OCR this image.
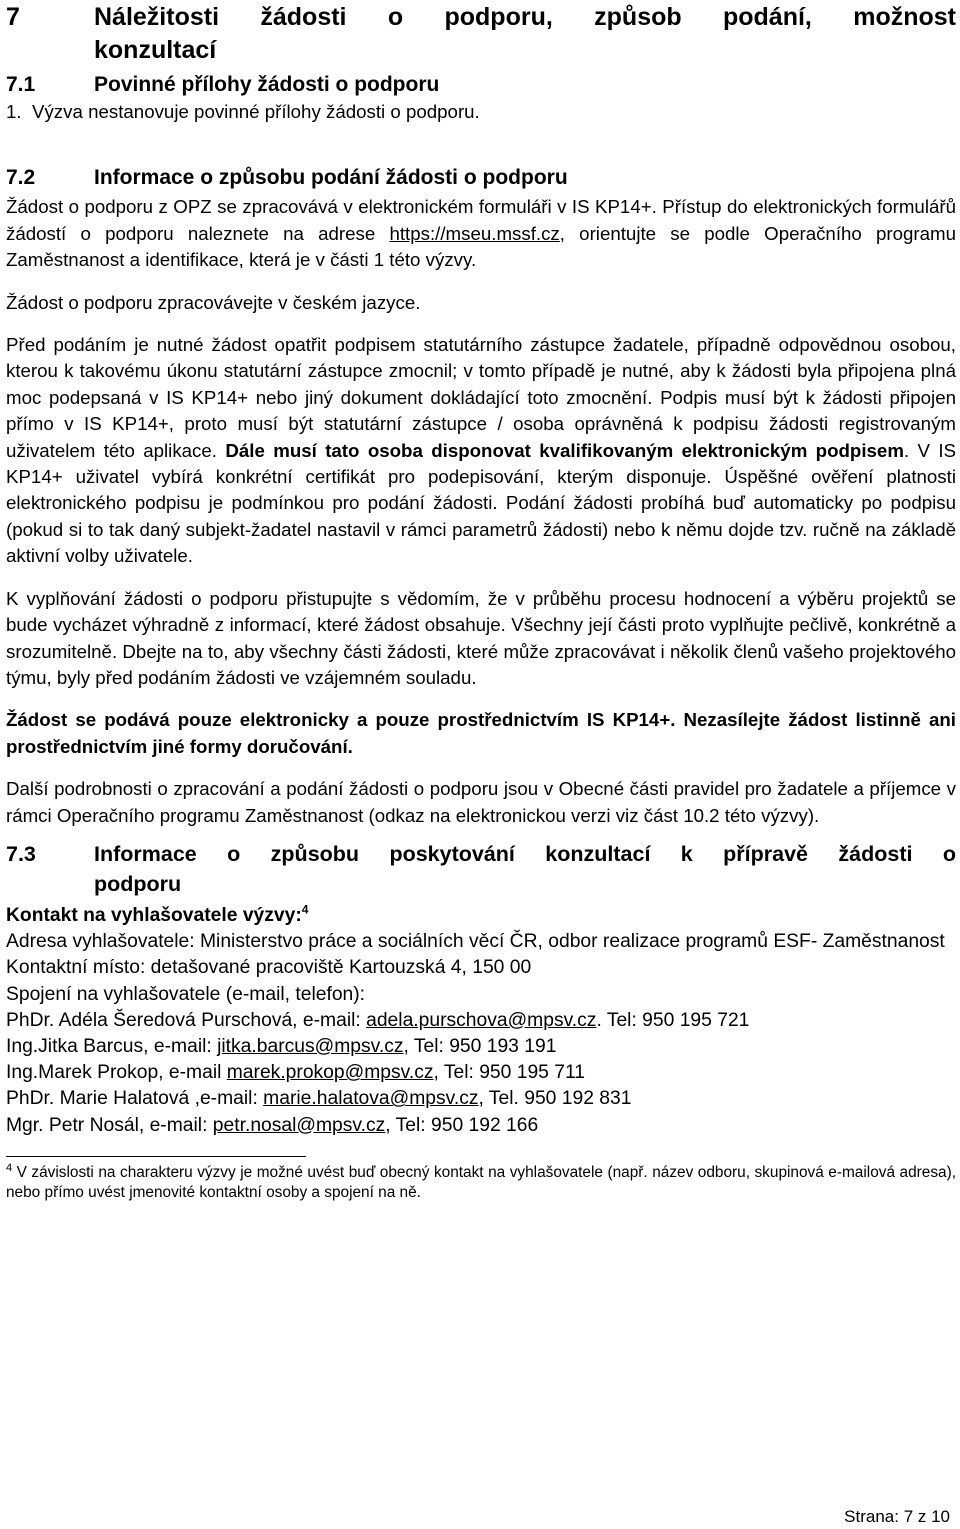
7	Náležitosti žádosti o podporu, způsob podání, možnost
konzultací
7.1	Povinné přílohy žádosti o podporu
1. Výzva nestanovuje povinné přílohy žádosti o podporu.
7.2	Informace o způsobu podání žádosti o podporu

Žádost o podporu z OPZ se zpracovává v elektronickém formuláři v IS KP14+. Přístup do elektronických formulářů žádostí o podporu naleznete na adrese https://mseu.mssf.cz, orientujte se podle Operačního programu Zaměstnanost a identifikace, která je v části 1 této výzvy.

Žádost o podporu zpracovávejte v českém jazyce.

Před podáním je nutné žádost opatřit podpisem statutárního zástupce žadatele, případně odpovědnou osobou, kterou k takovému úkonu statutární zástupce zmocnil; v tomto případě je nutné, aby k žádosti byla připojena plná moc podepsaná v IS KP14+ nebo jiný dokument dokládající toto zmocnění. Podpis musí být k žádosti připojen přímo v IS KP14+, proto musí být statutární zástupce / osoba oprávněná k podpisu žádosti registrovaným uživatelem této aplikace. Dále musí tato osoba disponovat kvalifikovaným elektronickým podpisem. V IS KP14+ uživatel vybírá konkrétní certifikát pro podepisování, kterým disponuje. Úspěšné ověření platnosti elektronického podpisu je podmínkou pro podání žádosti. Podání žádosti probíhá buď automaticky po podpisu (pokud si to tak daný subjekt-žadatel nastavil v rámci parametrů žádosti) nebo k němu dojde tzv. ručně na základě aktivní volby uživatele.

K vyplňování žádosti o podporu přistupujte s vědomím, že v průběhu procesu hodnocení a výběru projektů se bude vycházet výhradně z informací, které žádost obsahuje. Všechny její části proto vyplňujte pečlivě, konkrétně a srozumitelně. Dbejte na to, aby všechny části žádosti, které může zpracovávat i několik členů vašeho projektového týmu, byly před podáním žádosti ve vzájemném souladu.

Žádost se podává pouze elektronicky a pouze prostřednictvím IS KP14+. Nezasílejte žádost listinně ani prostřednictvím jiné formy doručování.

Další podrobnosti o zpracování a podání žádosti o podporu jsou v Obecné části pravidel pro žadatele a příjemce v rámci Operačního programu Zaměstnanost (odkaz na elektronickou verzi viz část 10.2 této výzvy).

7.3	Informace o způsobu poskytování konzultací k přípravě žádosti o
podporu
Kontakt na vyhlašovatele výzvy:$^4$
Adresa vyhlašovatele: Ministerstvo práce a sociálních věcí ČR, odbor realizace programů ESF- Zaměstnanost
Kontaktní místo: detašované pracoviště Kartouzská 4, 150 00
Spojení na vyhlašovatele (e-mail, telefon):
PhDr. Adéla Šeredová Purschová, e-mail: adela.purschova@mpsv.cz. Tel: 950 195 721
Ing.Jitka Barcus, e-mail: jitka.barcus@mpsv.cz, Tel: 950 193 191
Ing.Marek Prokop, e-mail marek.prokop@mpsv.cz, Tel: 950 195 711
PhDr. Marie Halatová ,e-mail: marie.halatova@mpsv.cz, Tel. 950 192 831
Mgr. Petr Nosál, e-mail: petr.nosal@mpsv.cz, Tel: 950 192 166
$^4$ V závislosti na charakteru výzvy je možné uvést buď obecný kontakt na vyhlašovatele (např. název odboru, skupinová e-mailová adresa), nebo přímo uvést jmenovité kontaktní osoby a spojení na ně.
Strana: 7 z 10
